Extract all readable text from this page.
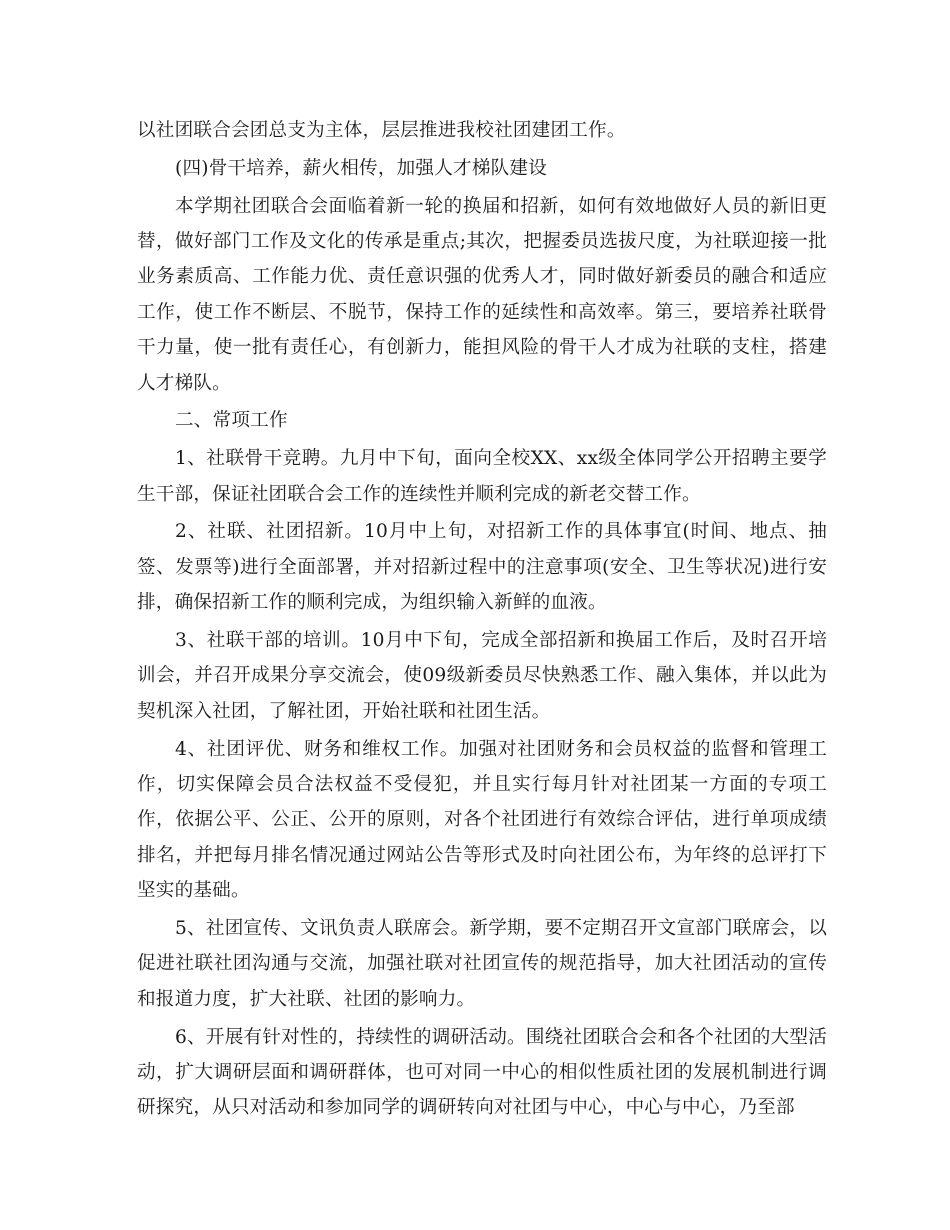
以社团联合会团总支为主体，层层推进我校社团建团工作。

(四)骨干培养，薪火相传，加强人才梯队建设

本学期社团联合会面临着新一轮的换届和招新，如何有效地做好人员的新旧更替，做好部门工作及文化的传承是重点;其次，把握委员选拔尺度，为社联迎接一批业务素质高、工作能力优、责任意识强的优秀人才，同时做好新委员的融合和适应工作，使工作不断层、不脱节，保持工作的延续性和高效率。第三，要培养社联骨干力量，使一批有责任心，有创新力，能担风险的骨干人才成为社联的支柱，搭建人才梯队。

二、常项工作

1、社联骨干竞聘。九月中下旬，面向全校XX、xx级全体同学公开招聘主要学生干部，保证社团联合会工作的连续性并顺利完成的新老交替工作。

2、社联、社团招新。10月中上旬，对招新工作的具体事宜(时间、地点、抽签、发票等)进行全面部署，并对招新过程中的注意事项(安全、卫生等状况)进行安排，确保招新工作的顺利完成，为组织输入新鲜的血液。

3、社联干部的培训。10月中下旬，完成全部招新和换届工作后，及时召开培训会，并召开成果分享交流会，使09级新委员尽快熟悉工作、融入集体，并以此为契机深入社团，了解社团，开始社联和社团生活。

4、社团评优、财务和维权工作。加强对社团财务和会员权益的监督和管理工作，切实保障会员合法权益不受侵犯，并且实行每月针对社团某一方面的专项工作，依据公平、公正、公开的原则，对各个社团进行有效综合评估，进行单项成绩排名，并把每月排名情况通过网站公告等形式及时向社团公布，为年终的总评打下坚实的基础。

5、社团宣传、文讯负责人联席会。新学期，要不定期召开文宣部门联席会，以促进社联社团沟通与交流，加强社联对社团宣传的规范指导，加大社团活动的宣传和报道力度，扩大社联、社团的影响力。

6、开展有针对性的，持续性的调研活动。围绕社团联合会和各个社团的大型活动，扩大调研层面和调研群体，也可对同一中心的相似性质社团的发展机制进行调研探究，从只对活动和参加同学的调研转向对社团与中心，中心与中心，乃至部
